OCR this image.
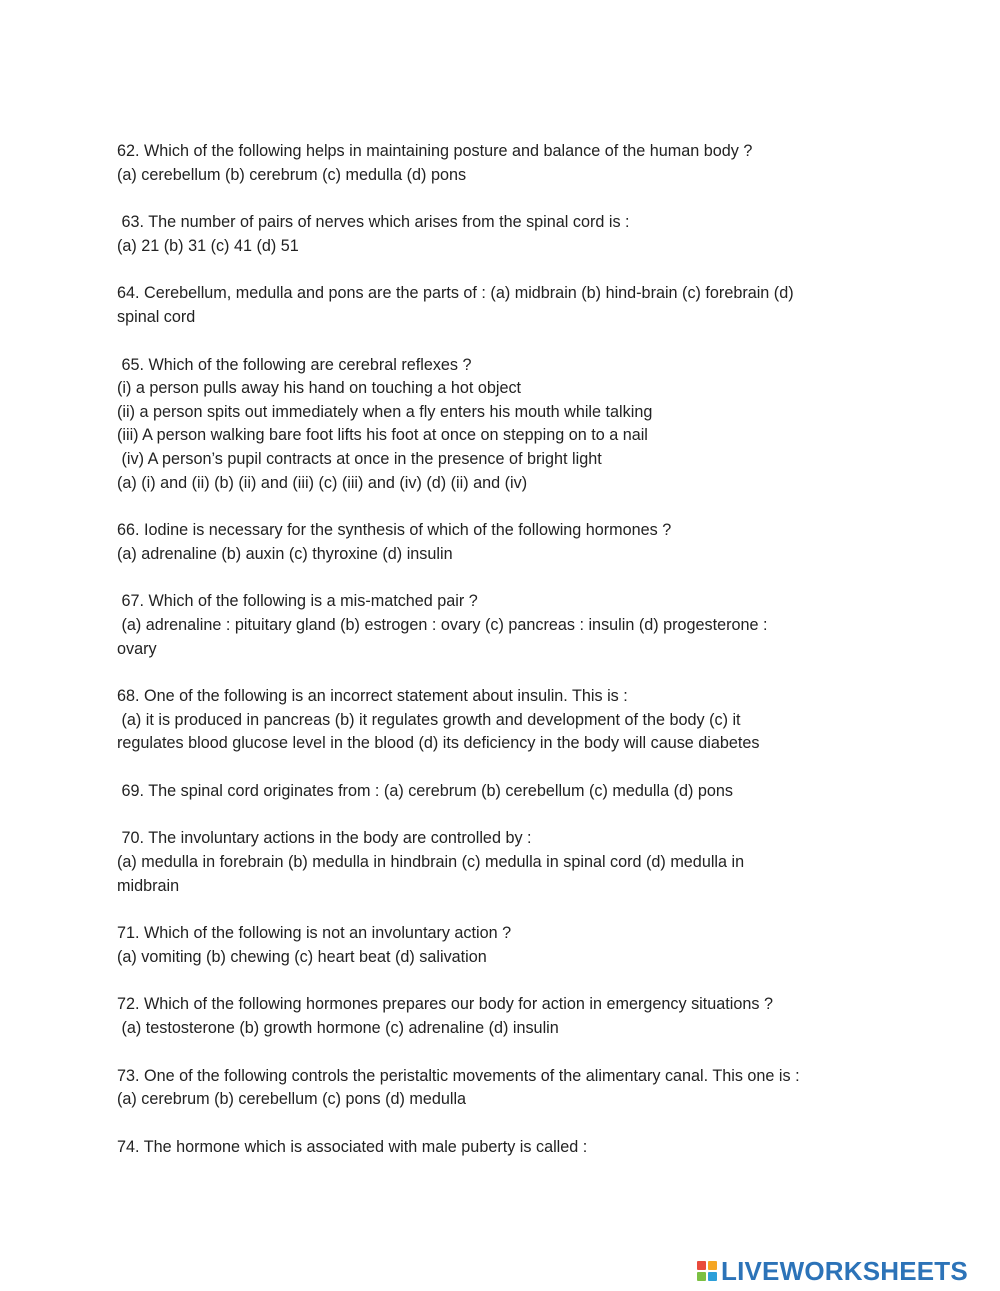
62. Which of the following helps in maintaining posture and balance of the human body ?
(a) cerebellum (b) cerebrum (c) medulla (d) pons
63. The number of pairs of nerves which arises from the spinal cord is :
(a) 21 (b) 31 (c) 41 (d) 51
64. Cerebellum, medulla and pons are the parts of : (a) midbrain (b) hind-brain (c) forebrain (d)
spinal cord
65. Which of the following are cerebral reflexes ?
(i) a person pulls away his hand on touching a hot object
(ii) a person spits out immediately when a fly enters his mouth while talking
(iii) A person walking bare foot lifts his foot at once on stepping on to a nail
(iv) A person’s pupil contracts at once in the presence of bright light
(a) (i) and (ii) (b) (ii) and (iii) (c) (iii) and (iv) (d) (ii) and (iv)
66. Iodine is necessary for the synthesis of which of the following hormones ?
(a) adrenaline (b) auxin (c) thyroxine (d) insulin
67. Which of the following is a mis-matched pair ?
(a) adrenaline : pituitary gland (b) estrogen : ovary (c) pancreas : insulin (d) progesterone :
ovary
68. One of the following is an incorrect statement about insulin. This is :
(a) it is produced in pancreas (b) it regulates growth and development of the body (c) it
regulates blood glucose level in the blood (d) its deficiency in the body will cause diabetes
69. The spinal cord originates from : (a) cerebrum (b) cerebellum (c) medulla (d) pons
70. The involuntary actions in the body are controlled by :
(a) medulla in forebrain (b) medulla in hindbrain (c) medulla in spinal cord (d) medulla in
midbrain
71. Which of the following is not an involuntary action ?
(a) vomiting (b) chewing (c) heart beat (d) salivation
72. Which of the following hormones prepares our body for action in emergency situations ?
(a) testosterone (b) growth hormone (c) adrenaline (d) insulin
73. One of the following controls the peristaltic movements of the alimentary canal. This one is :
(a) cerebrum (b) cerebellum (c) pons (d) medulla
74. The hormone which is associated with male puberty is called :
LIVEWORKSHEETS
